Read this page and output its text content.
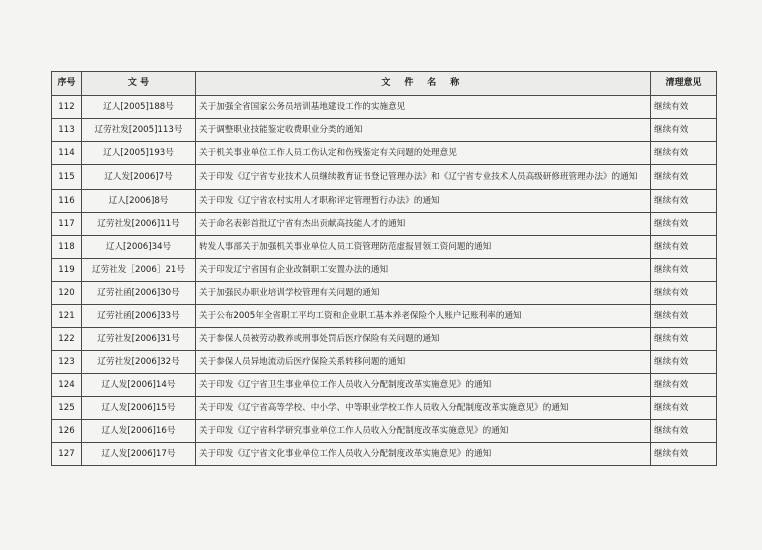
序号	文 号	文 件 名 称	清理意见
112	辽人[2005]188号	关于加强全省国家公务员培训基地建设工作的实施意见	继续有效
113	辽劳社发[2005]113号	关于调整职业技能鉴定收费职业分类的通知	继续有效
114	辽人[2005]193号	关于机关事业单位工作人员工伤认定和伤残鉴定有关问题的处理意见	继续有效
115	辽人发[2006]7号	关于印发《辽宁省专业技术人员继续教育证书登记管理办法》和《辽宁省专业技术人员高级研修班管理办法》的通知	继续有效
116	辽人[2006]8号	关于印发《辽宁省农村实用人才职称评定管理暂行办法》的通知	继续有效
117	辽劳社发[2006]11号	关于命名表彰首批辽宁省有杰出贡献高技能人才的通知	继续有效
118	辽人[2006]34号	转发人事部关于加强机关事业单位人员工资管理防范虚报冒领工资问题的通知	继续有效
119	辽劳社发［2006］21号	关于印发辽宁省国有企业改制职工安置办法的通知	继续有效
120	辽劳社函[2006]30号	关于加强民办职业培训学校管理有关问题的通知	继续有效
121	辽劳社函[2006]33号	关于公布2005年全省职工平均工资和企业职工基本养老保险个人账户记账利率的通知	继续有效
122	辽劳社发[2006]31号	关于参保人员被劳动教养或刑事处罚后医疗保险有关问题的通知	继续有效
123	辽劳社发[2006]32号	关于参保人员异地流动后医疗保险关系转移问题的通知	继续有效
124	辽人发[2006]14号	关于印发《辽宁省卫生事业单位工作人员收入分配制度改革实施意见》的通知	继续有效
125	辽人发[2006]15号	关于印发《辽宁省高等学校、中小学、中等职业学校工作人员收入分配制度改革实施意见》的通知	继续有效
126	辽人发[2006]16号	关于印发《辽宁省科学研究事业单位工作人员收入分配制度改革实施意见》的通知	继续有效
127	辽人发[2006]17号	关于印发《辽宁省文化事业单位工作人员收入分配制度改革实施意见》的通知	继续有效
